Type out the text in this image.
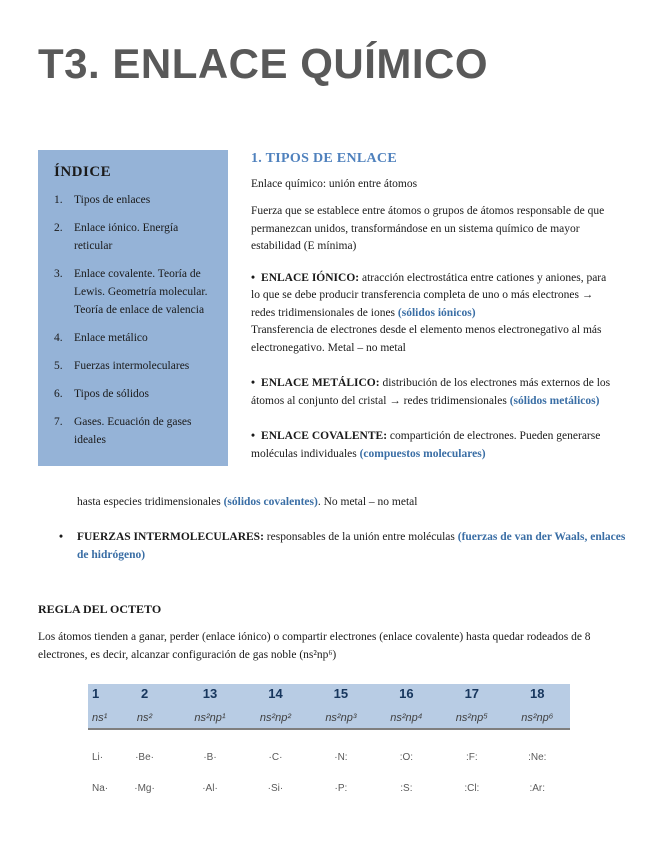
T3. ENLACE QUÍMICO
ÍNDICE
1. Tipos de enlaces
2. Enlace iónico. Energía reticular
3. Enlace covalente. Teoría de Lewis. Geometría molecular. Teoría de enlace de valencia
4. Enlace metálico
5. Fuerzas intermoleculares
6. Tipos de sólidos
7. Gases. Ecuación de gases ideales
1. TIPOS DE ENLACE

Enlace químico: unión entre átomos

Fuerza que se establece entre átomos o grupos de átomos responsable de que permanezcan unidos, transformándose en un sistema químico de mayor estabilidad (E mínima)

• ENLACE IÓNICO: atracción electrostática entre cationes y aniones, para lo que se debe producir transferencia completa de uno o más electrones → redes tridimensionales de iones (sólidos iónicos)

Transferencia de electrones desde el elemento menos electronegativo al más electronegativo. Metal – no metal

• ENLACE METÁLICO: distribución de los electrones más externos de los átomos al conjunto del cristal → redes tridimensionales (sólidos metálicos)

• ENLACE COVALENTE: compartición de electrones. Pueden generarse moléculas individuales (compuestos moleculares)

hasta especies tridimensionales (sólidos covalentes). No metal – no metal
• FUERZAS INTERMOLECULARES: responsables de la unión entre moléculas (fuerzas de van der Waals, enlaces de hidrógeno)
REGLA DEL OCTETO
Los átomos tienden a ganar, perder (enlace iónico) o compartir electrones (enlace covalente) hasta quedar rodeados de 8 electrones, es decir, alcanzar configuración de gas noble (ns²np⁶)
1	2	13	14	15	16	17	18
ns¹	ns²	ns²np¹	ns²np²	ns²np³	ns²np⁴	ns²np⁵	ns²np⁶
Li·	·Be·	·B·	·C·	·N:	:O:	:F:	:Ne:
Na·	·Mg·	·Al·	·Si·	·P:	:S:	:Cl:	:Ar:
